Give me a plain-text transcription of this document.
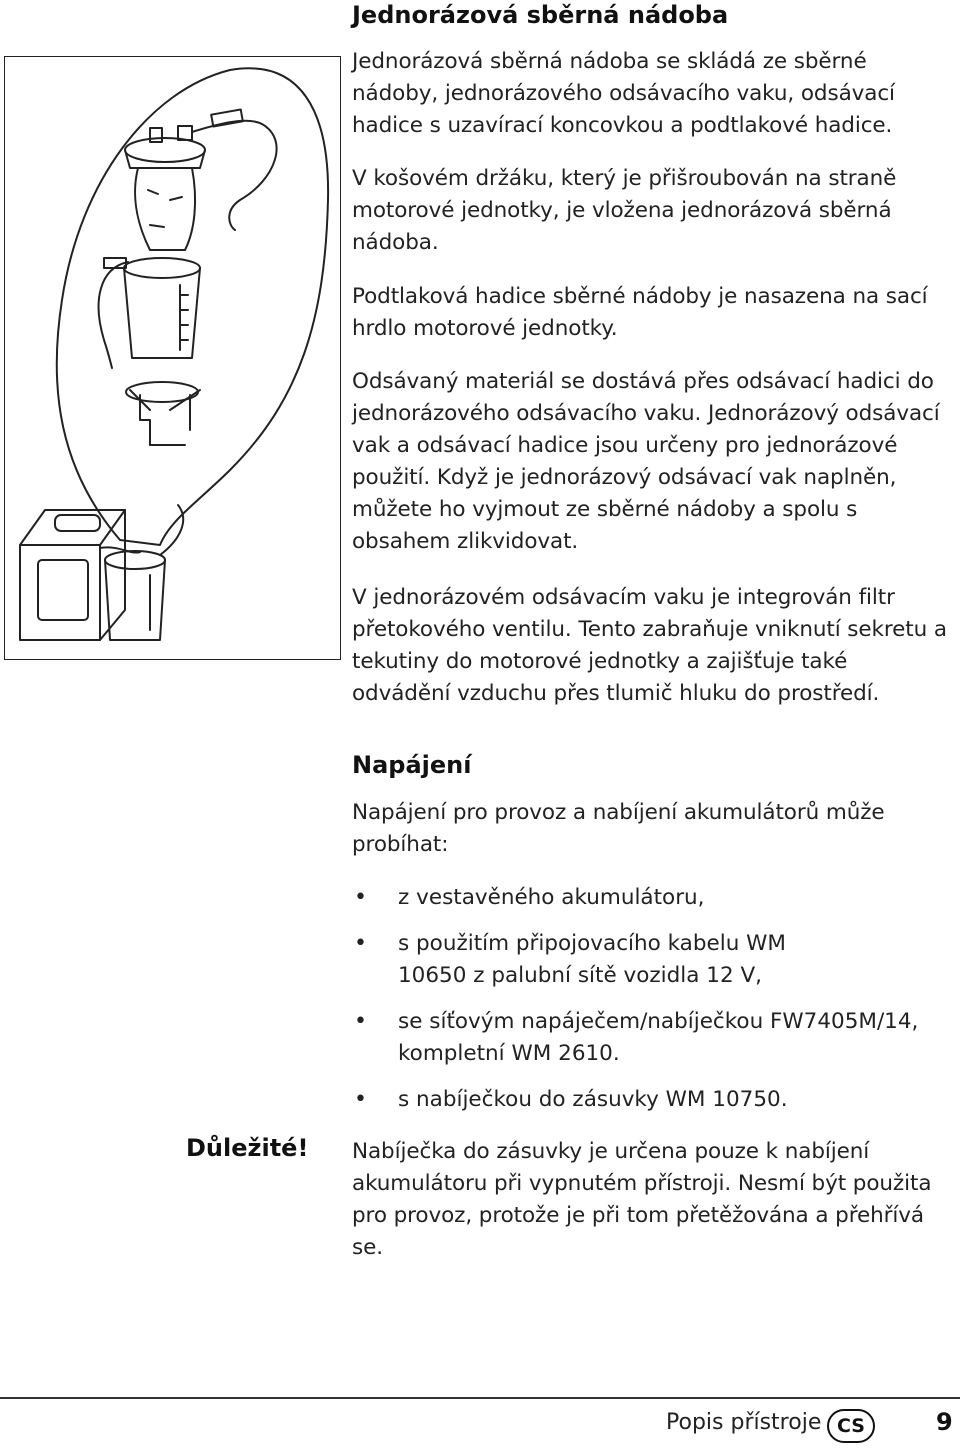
Jednorázová sběrná nádoba

Jednorázová sběrná nádoba se skládá ze sběrné nádoby, jednorázového odsávacího vaku, odsávací hadice s uzavírací koncovkou a podtlakové hadice.

V košovém držáku, který je přišroubován na straně motorové jednotky, je vložena jednorázová sběrná nádoba.

Podtlaková hadice sběrné nádoby je nasazena na sací hrdlo motorové jednotky.

Odsávaný materiál se dostává přes odsávací hadici do jednorázového odsávacího vaku. Jednorázový odsávací vak a odsávací hadice jsou určeny pro jednorázové použití. Když je jednorázový odsávací vak naplněn, můžete ho vyjmout ze sběrné nádoby a spolu s obsahem zlikvidovat.

V jednorázovém odsávacím vaku je integrován filtr přetokového ventilu. Tento zabraňuje vniknutí sekretu a tekutiny do motorové jednotky a zajišťuje také odvádění vzduchu přes tlumič hluku do prostředí.

Napájení

Napájení pro provoz a nabíjení akumulátorů může probíhat:

• z vestavěného akumulátoru,
• s použitím připojovacího kabelu WM 10650 z palubní sítě vozidla 12 V,
• se síťovým napáječem/nabíječkou FW7405M/14, kompletní WM 2610.
• s nabíječkou do zásuvky WM 10750.
Důležité! Nabíječka do zásuvky je určena pouze k nabíjení akumulátoru při vypnutém přístroji. Nesmí být použita pro provoz, protože je při tom přetěžována a přehřívá se.

Popis přístroje CS	9
